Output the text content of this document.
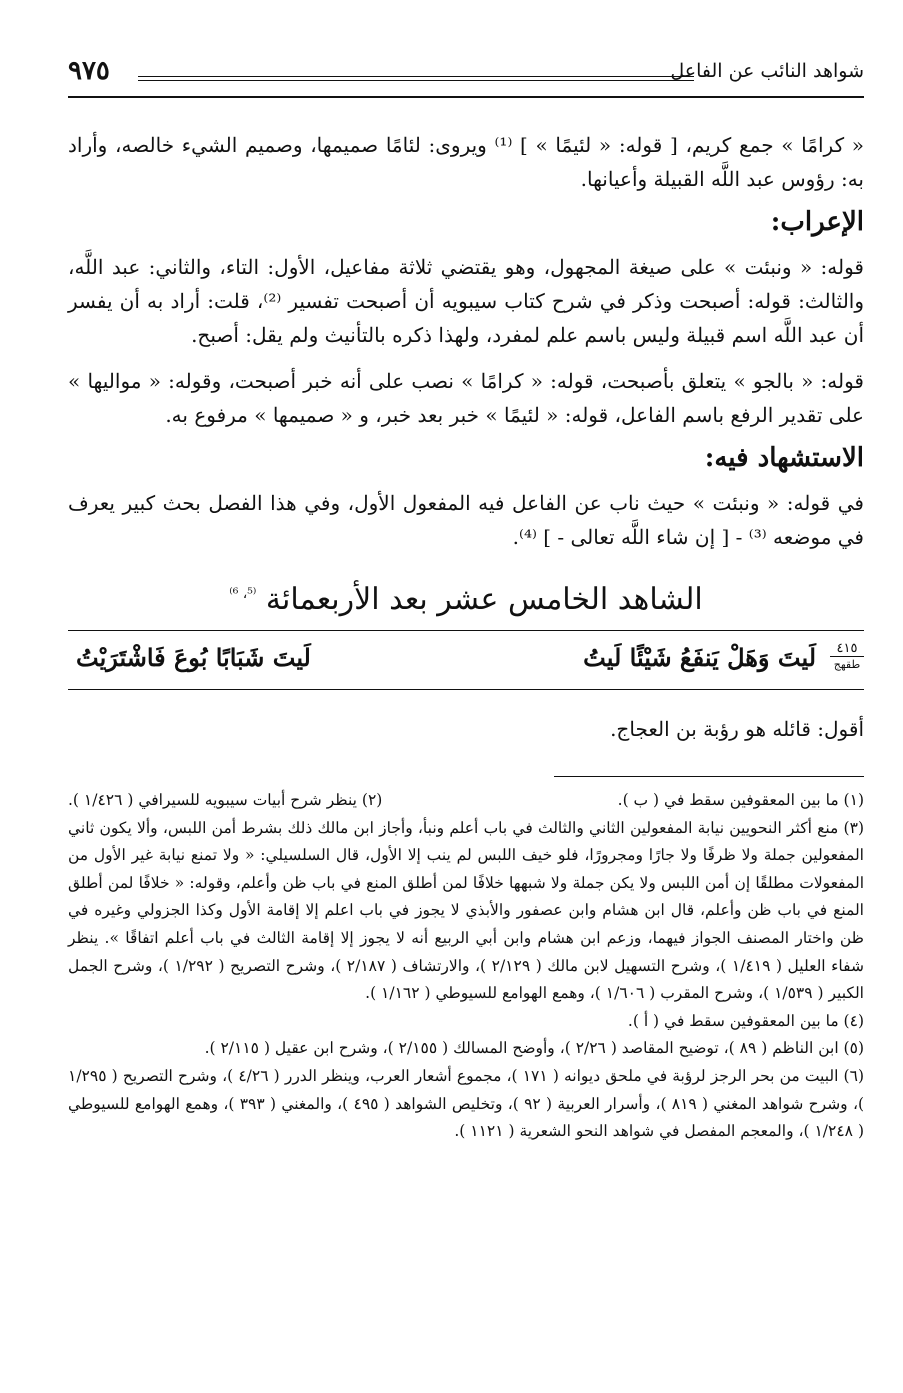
شواهد النائب عن الفاعل
٩٧٥

« كرامًا » جمع كريم، [ قوله: « لئيمًا » ] ⁽¹⁾ ويروى: لئامًا صميمها، وصميم الشيء خالصه، وأراد به: رؤوس عبد اللَّه القبيلة وأعيانها.

الإعراب:

قوله: « ونبئت » على صيغة المجهول، وهو يقتضي ثلاثة مفاعيل، الأول: التاء، والثاني: عبد اللَّه، والثالث: قوله: أصبحت وذكر في شرح كتاب سيبويه أن أصبحت تفسير ⁽²⁾، قلت: أراد به أن يفسر أن عبد اللَّه اسم قبيلة وليس باسم علم لمفرد، ولهذا ذكره بالتأنيث ولم يقل: أصبح.

قوله: « بالجو » يتعلق بأصبحت، قوله: « كرامًا » نصب على أنه خبر أصبحت، وقوله: « مواليها » على تقدير الرفع باسم الفاعل، قوله: « لئيمًا » خبر بعد خبر، و « صميمها » مرفوع به.

الاستشهاد فيه:

في قوله: « ونبئت » حيث ناب عن الفاعل فيه المفعول الأول، وفي هذا الفصل بحث كبير يعرف في موضعه ⁽³⁾ - [ إن شاء اللَّه تعالى - ] ⁽⁴⁾.

الشاهد الخامس عشر بعد الأربعمائة $^{^{(5}، ^{6)}}$
٤١٥
طقهج
لَيتَ وَهَلْ يَنفَعُ شَيْئًا لَيتُ
لَيتَ شَبَابًا بُوعَ فَاشْتَرَيْتُ

أقول: قائله هو رؤبة بن العجاج.

(١) ما بين المعقوفين سقط في ( ب ).
(٢) ينظر شرح أبيات سيبويه للسيرافي ( ١/٤٢٦ ).

(٣) منع أكثر النحويين نيابة المفعولين الثاني والثالث في باب أعلم ونبأ، وأجاز ابن مالك ذلك بشرط أمن اللبس، وألا يكون ثاني المفعولين جملة ولا ظرفًا ولا جارًا ومجرورًا، فلو خيف اللبس لم ينب إلا الأول، قال السلسيلي: « ولا تمنع نيابة غير الأول من المفعولات مطلقًا إن أمن اللبس ولا يكن جملة ولا شبهها خلافًا لمن أطلق المنع في باب ظن وأعلم، وقوله: « خلافًا لمن أطلق المنع في باب ظن وأعلم، قال ابن هشام وابن عصفور والأبذي لا يجوز في باب اعلم إلا إقامة الأول وكذا الجزولي وغيره في ظن واختار المصنف الجواز فيهما، وزعم ابن هشام وابن أبي الربيع أنه لا يجوز إلا إقامة الثالث في باب أعلم اتفاقًا ». ينظر شفاء العليل ( ١/٤١٩ )، وشرح التسهيل لابن مالك ( ٢/١٢٩ )، والارتشاف ( ٢/١٨٧ )، وشرح التصريح ( ١/٢٩٢ )، وشرح الجمل الكبير ( ١/٥٣٩ )، وشرح المقرب ( ١/٦٠٦ )، وهمع الهوامع للسيوطي ( ١/١٦٢ ).

(٤) ما بين المعقوفين سقط في ( أ ).

(٥) ابن الناظم ( ٨٩ )، توضيح المقاصد ( ٢/٢٦ )، وأوضح المسالك ( ٢/١٥٥ )، وشرح ابن عقيل ( ٢/١١٥ ).

(٦) البيت من بحر الرجز لرؤبة في ملحق ديوانه ( ١٧١ )، مجموع أشعار العرب، وينظر الدرر ( ٤/٢٦ )، وشرح التصريح ( ١/٢٩٥ )، وشرح شواهد المغني ( ٨١٩ )، وأسرار العربية ( ٩٢ )، وتخليص الشواهد ( ٤٩٥ )، والمغني ( ٣٩٣ )، وهمع الهوامع للسيوطي ( ١/٢٤٨ )، والمعجم المفصل في شواهد النحو الشعرية ( ١١٢١ ).
